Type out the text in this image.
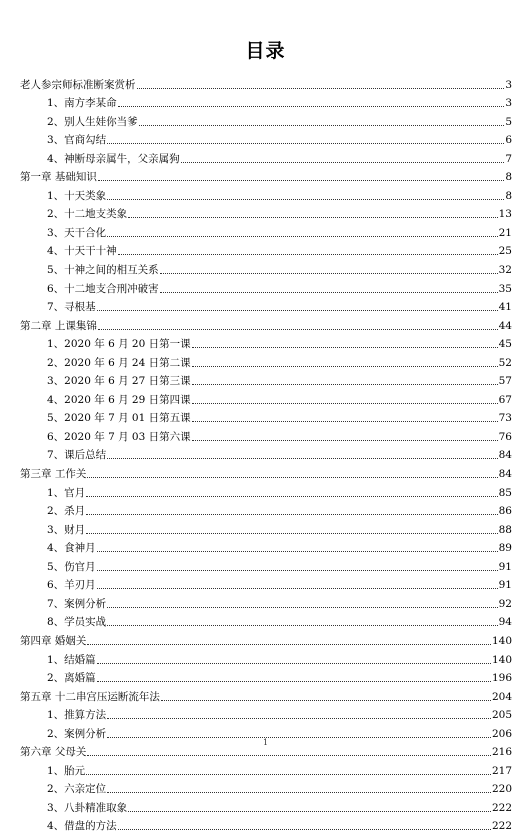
目录
老人参宗师标准断案赏析	3
1、南方李某命	3
2、别人生娃你当爹	5
3、官商勾结	6
4、神断母亲属牛，父亲属狗	7
第一章 基础知识	8
1、十天类象	8
2、十二地支类象	13
3、天干合化	21
4、十天干十神	25
5、十神之间的相互关系	32
6、十二地支合刑冲破害	35
7、寻根基	41
第二章 上课集锦	44
1、2020 年 6 月 20 日第一课	45
2、2020 年 6 月 24 日第二课	52
3、2020 年 6 月 27 日第三课	57
4、2020 年 6 月 29 日第四课	67
5、2020 年 7 月 01 日第五课	73
6、2020 年 7 月 03 日第六课	76
7、课后总结	84
第三章 工作关	84
1、官月	85
2、杀月	86
3、财月	88
4、食神月	89
5、伤官月	91
6、羊刃月	91
7、案例分析	92
8、学员实战	94
第四章 婚姻关	140
1、结婚篇	140
2、离婚篇	196
第五章 十二串宫压运断流年法	204
1、推算方法	205
2、案例分析	206
第六章 父母关	216
1、胎元	217
2、六亲定位	220
3、八卦精准取象	222
4、借盘的方法	222
1
